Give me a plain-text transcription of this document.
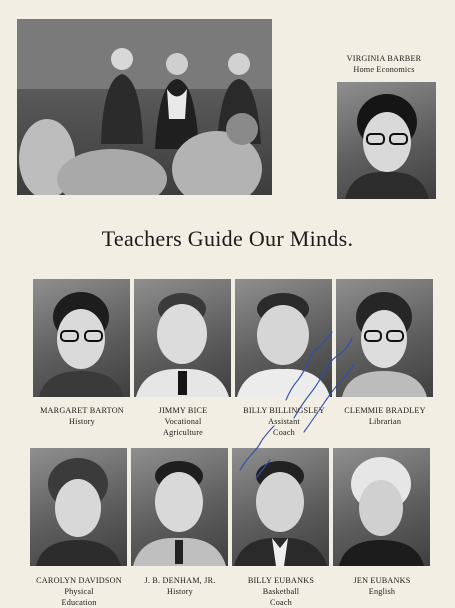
VIRGINIA BARBER
Home Economics
Teachers Guide Our Minds.
MARGARET BARTON
History
JIMMY BICE
Vocational
Agriculture
BILLY BILLINGSLEY
Assistant
Coach
CLEMMIE BRADLEY
Librarian
CAROLYN DAVIDSON
Physical
Education
J. B. DENHAM, JR.
History
BILLY EUBANKS
Basketball
Coach
JEN EUBANKS
English
